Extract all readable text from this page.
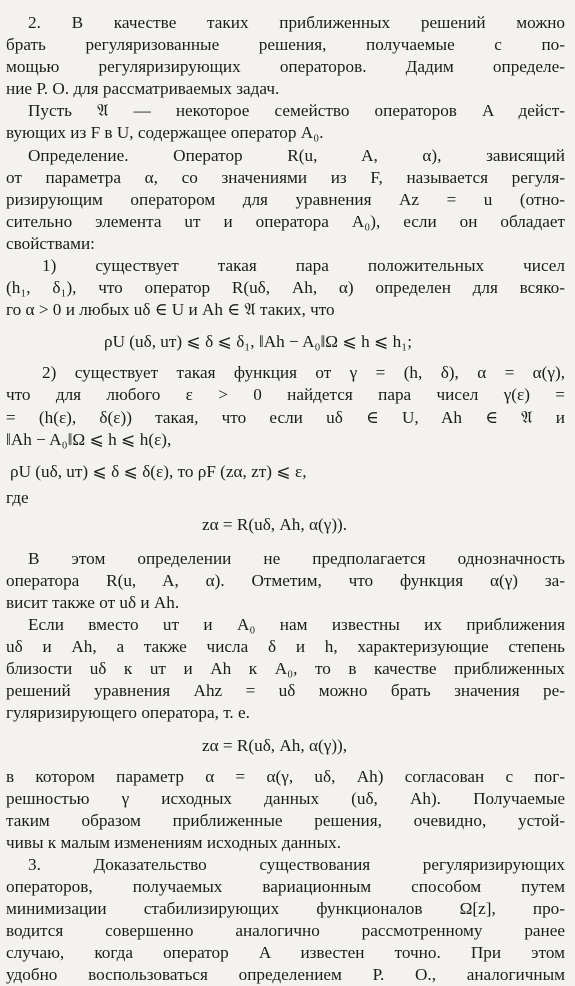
2. В качестве таких приближенных решений можно
брать регуляризованные решения, получаемые с по-
мощью регуляризирующих операторов. Дадим определе-
ние Р. О. для рассматриваемых задач.
Пусть 𝔄 — некоторое семейство операторов A дейст-
вующих из F в U, содержащее оператор A₀.
Определение. Оператор R(u, A, α), зависящий
от параметра α, со значениями из F, называется регуля-
ризирующим оператором для уравнения Az = u (отно-
сительно элемента uт и оператора A₀), если он обладает
свойствами:
1) существует такая пара положительных чисел
(h₁, δ₁), что оператор R(uδ, Ah, α) определен для всяко-
го α > 0 и любых uδ ∈ U и Ah ∈ 𝔄 таких, что
ρU (uδ, uт) ⩽ δ ⩽ δ₁, ‖Ah − A₀‖Ω ⩽ h ⩽ h₁;
2) существует такая функция от γ = (h, δ), α = α(γ),
что для любого ε > 0 найдется пара чисел γ(ε) =
= (h(ε), δ(ε)) такая, что если uδ ∈ U, Ah ∈ 𝔄 и
‖Ah − A₀‖Ω ⩽ h ⩽ h(ε),
ρU (uδ, uт) ⩽ δ ⩽ δ(ε), то ρF (zα, zт) ⩽ ε,
где
zα = R(uδ, Ah, α(γ)).
В этом определении не предполагается однозначность
оператора R(u, A, α). Отметим, что функция α(γ) за-
висит также от uδ и Ah.
Если вместо uт и A₀ нам известны их приближения
uδ и Ah, а также числа δ и h, характеризующие степень
близости uδ к uт и Ah к A₀, то в качестве приближенных
решений уравнения Ahz = uδ можно брать значения ре-
гуляризирующего оператора, т. е.
zα = R(uδ, Ah, α(γ)),
в котором параметр α = α(γ, uδ, Ah) согласован с пог-
решностью γ исходных данных (uδ, Ah). Получаемые
таким образом приближенные решения, очевидно, устой-
чивы к малым изменениям исходных данных.
3. Доказательство существования регуляризирующих
операторов, получаемых вариационным способом путем
минимизации стабилизирующих функционалов Ω[z], про-
водится совершенно аналогично рассмотренному ранее
случаю, когда оператор A известен точно. При этом
удобно воспользоваться определением Р. О., аналогичным
